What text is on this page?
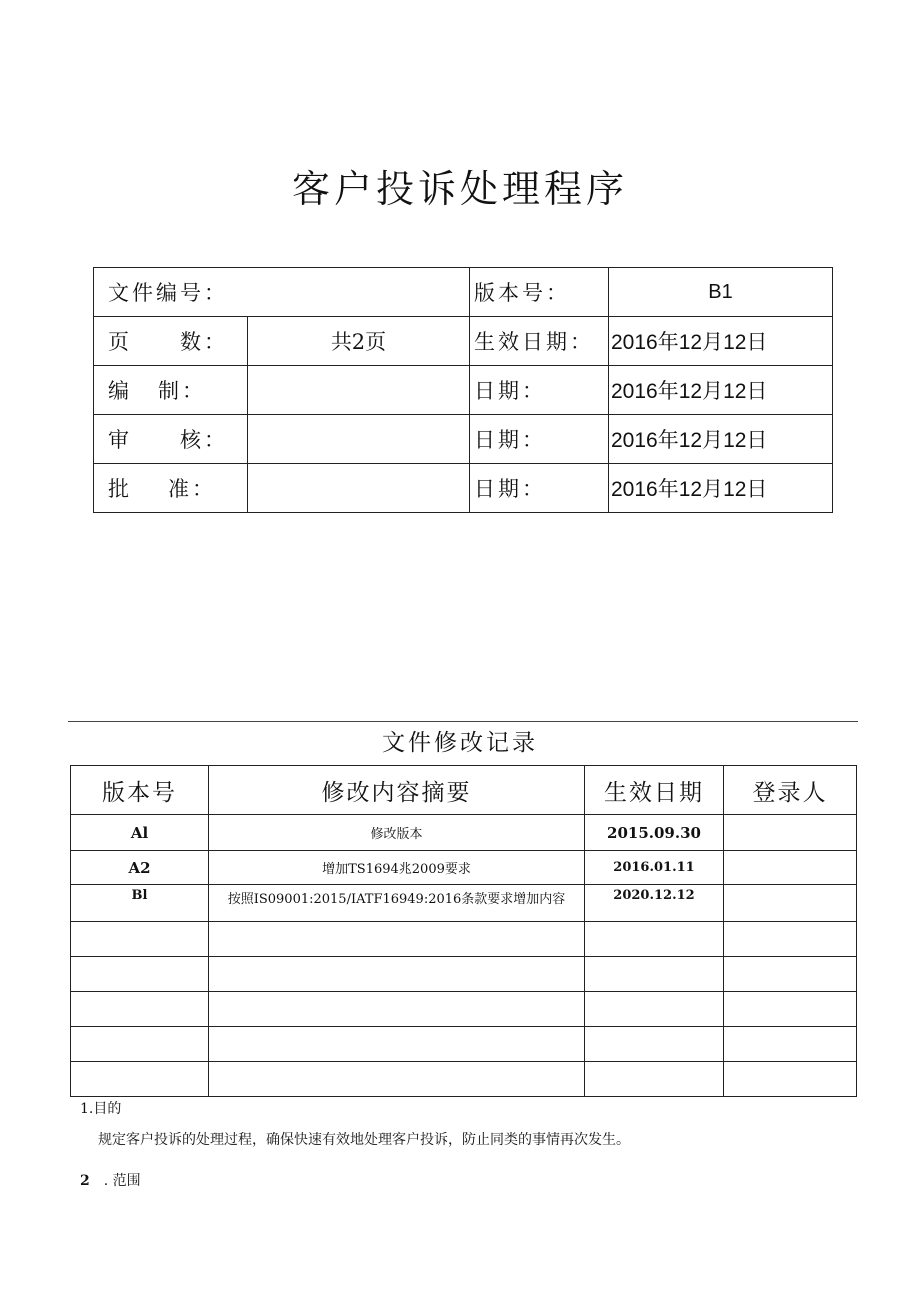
客户投诉处理程序
文件编号：		版本号：	B1
页 数：	共2页	生效日期：	2016年12月12日
编 制：		日期：	2016年12月12日
审 核：		日期：	2016年12月12日
批 准：		日期：	2016年12月12日
文件修改记录
版本号	修改内容摘要	生效日期	登录人
Al	修改版本	2015.09.30	
A2	增加TS1694兆2009要求	2016.01.11	
Bl	按照IS09001:2015/IATF16949:2016条款要求增加内容	2020.12.12	

1.目的
规定客户投诉的处理过程，确保快速有效地处理客户投诉，防止同类的事情再次发生。
2 . 范围
